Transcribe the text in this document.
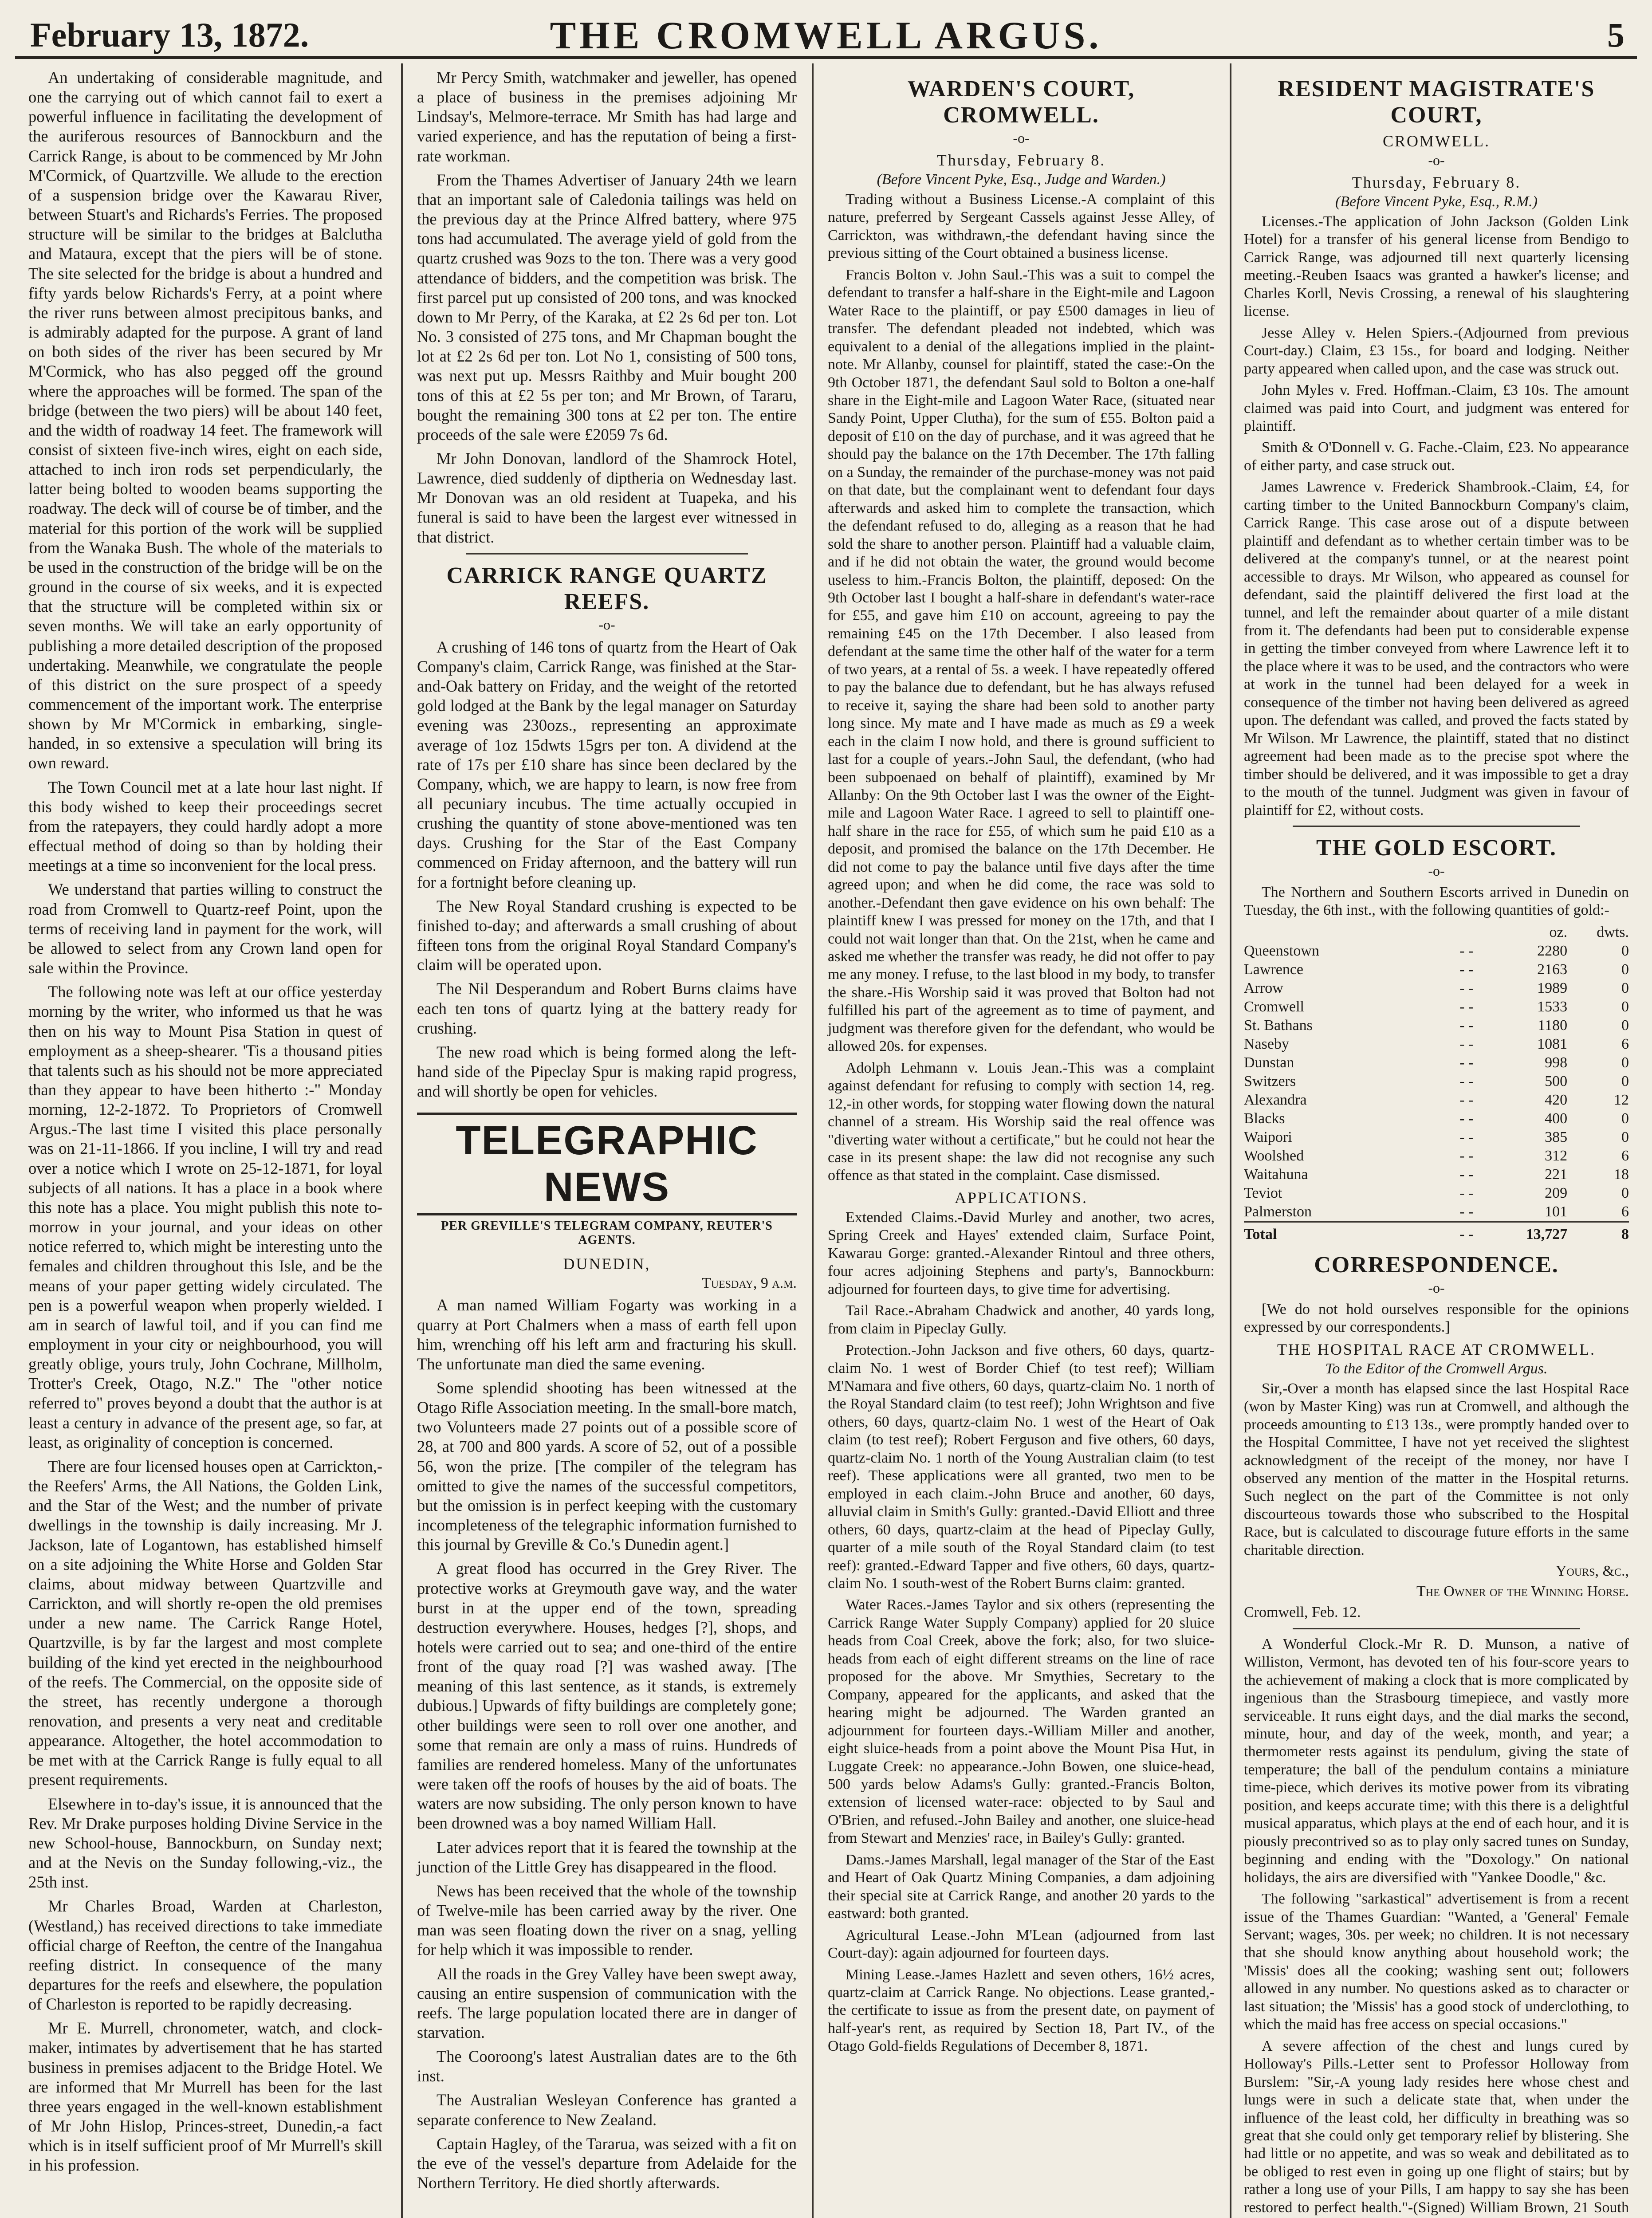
February 13, 1872.	THE CROMWELL ARGUS.	5

An undertaking of considerable magnitude, and one the carrying out of which cannot fail to exert a powerful influence in facilitating the development of the auriferous resources of Bannockburn and the Carrick Range, is about to be commenced by Mr John M'Cormick, of Quartzville. We allude to the erection of a suspension bridge over the Kawarau River, between Stuart's and Richards's Ferries. The proposed structure will be similar to the bridges at Balclutha and Mataura, except that the piers will be of stone. The site selected for the bridge is about a hundred and fifty yards below Richards's Ferry, at a point where the river runs between almost precipitous banks, and is admirably adapted for the purpose. A grant of land on both sides of the river has been secured by Mr M'Cormick, who has also pegged off the ground where the approaches will be formed. The span of the bridge (between the two piers) will be about 140 feet, and the width of roadway 14 feet. The framework will consist of sixteen five-inch wires, eight on each side, attached to inch iron rods set perpendicularly, the latter being bolted to wooden beams supporting the roadway. The deck will of course be of timber, and the material for this portion of the work will be supplied from the Wanaka Bush. The whole of the materials to be used in the construction of the bridge will be on the ground in the course of six weeks, and it is expected that the structure will be completed within six or seven months. We will take an early opportunity of publishing a more detailed description of the proposed undertaking. Meanwhile, we congratulate the people of this district on the sure prospect of a speedy commencement of the important work. The enterprise shown by Mr M'Cormick in embarking, single-handed, in so extensive a speculation will bring its own reward.

The Town Council met at a late hour last night. If this body wished to keep their proceedings secret from the ratepayers, they could hardly adopt a more effectual method of doing so than by holding their meetings at a time so inconvenient for the local press.

We understand that parties willing to construct the road from Cromwell to Quartz-reef Point, upon the terms of receiving land in payment for the work, will be allowed to select from any Crown land open for sale within the Province.

The following note was left at our office yesterday morning by the writer, who informed us that he was then on his way to Mount Pisa Station in quest of employment as a sheep-shearer. 'Tis a thousand pities that talents such as his should not be more appreciated than they appear to have been hitherto :-" Monday morning, 12-2-1872. To Proprietors of Cromwell Argus.-The last time I visited this place personally was on 21-11-1866. If you incline, I will try and read over a notice which I wrote on 25-12-1871, for loyal subjects of all nations. It has a place in a book where this note has a place. You might publish this note to-morrow in your journal, and your ideas on other notice referred to, which might be interesting unto the females and children throughout this Isle, and be the means of your paper getting widely circulated. The pen is a powerful weapon when properly wielded. I am in search of lawful toil, and if you can find me employment in your city or neighbourhood, you will greatly oblige, yours truly, John Cochrane, Millholm, Trotter's Creek, Otago, N.Z." The "other notice referred to" proves beyond a doubt that the author is at least a century in advance of the present age, so far, at least, as originality of conception is concerned.

There are four licensed houses open at Carrickton,-the Reefers' Arms, the All Nations, the Golden Link, and the Star of the West; and the number of private dwellings in the township is daily increasing. Mr J. Jackson, late of Logantown, has established himself on a site adjoining the White Horse and Golden Star claims, about midway between Quartzville and Carrickton, and will shortly re-open the old premises under a new name. The Carrick Range Hotel, Quartzville, is by far the largest and most complete building of the kind yet erected in the neighbourhood of the reefs. The Commercial, on the opposite side of the street, has recently undergone a thorough renovation, and presents a very neat and creditable appearance. Altogether, the hotel accommodation to be met with at the Carrick Range is fully equal to all present requirements.

Elsewhere in to-day's issue, it is announced that the Rev. Mr Drake purposes holding Divine Service in the new School-house, Bannockburn, on Sunday next; and at the Nevis on the Sunday following,-viz., the 25th inst.

Mr Charles Broad, Warden at Charleston, (Westland,) has received directions to take immediate official charge of Reefton, the centre of the Inangahua reefing district. In consequence of the many departures for the reefs and elsewhere, the population of Charleston is reported to be rapidly decreasing.

Mr E. Murrell, chronometer, watch, and clock-maker, intimates by advertisement that he has started business in premises adjacent to the Bridge Hotel. We are informed that Mr Murrell has been for the last three years engaged in the well-known establishment of Mr John Hislop, Princes-street, Dunedin,-a fact which is in itself sufficient proof of Mr Murrell's skill in his profession.

Mr Percy Smith, watchmaker and jeweller, has opened a place of business in the premises adjoining Mr Lindsay's, Melmore-terrace. Mr Smith has had large and varied experience, and has the reputation of being a first-rate workman.

From the Thames Advertiser of January 24th we learn that an important sale of Caledonia tailings was held on the previous day at the Prince Alfred battery, where 975 tons had accumulated. The average yield of gold from the quartz crushed was 9ozs to the ton. There was a very good attendance of bidders, and the competition was brisk. The first parcel put up consisted of 200 tons, and was knocked down to Mr Perry, of the Karaka, at £2 2s 6d per ton. Lot No. 3 consisted of 275 tons, and Mr Chapman bought the lot at £2 2s 6d per ton. Lot No 1, consisting of 500 tons, was next put up. Messrs Raithby and Muir bought 200 tons of this at £2 5s per ton; and Mr Brown, of Tararu, bought the remaining 300 tons at £2 per ton. The entire proceeds of the sale were £2059 7s 6d.

Mr John Donovan, landlord of the Shamrock Hotel, Lawrence, died suddenly of diptheria on Wednesday last. Mr Donovan was an old resident at Tuapeka, and his funeral is said to have been the largest ever witnessed in that district.

CARRICK RANGE QUARTZ REEFS.
-o-

A crushing of 146 tons of quartz from the Heart of Oak Company's claim, Carrick Range, was finished at the Star-and-Oak battery on Friday, and the weight of the retorted gold lodged at the Bank by the legal manager on Saturday evening was 230ozs., representing an approximate average of 1oz 15dwts 15grs per ton. A dividend at the rate of 17s per £10 share has since been declared by the Company, which, we are happy to learn, is now free from all pecuniary incubus. The time actually occupied in crushing the quantity of stone above-mentioned was ten days. Crushing for the Star of the East Company commenced on Friday afternoon, and the battery will run for a fortnight before cleaning up.

The New Royal Standard crushing is expected to be finished to-day; and afterwards a small crushing of about fifteen tons from the original Royal Standard Company's claim will be operated upon.

The Nil Desperandum and Robert Burns claims have each ten tons of quartz lying at the battery ready for crushing.

The new road which is being formed along the left-hand side of the Pipeclay Spur is making rapid progress, and will shortly be open for vehicles.

TELEGRAPHIC NEWS
PER GREVILLE'S TELEGRAM COMPANY, REUTER'S AGENTS.
DUNEDIN,
Tuesday, 9 a.m.

A man named William Fogarty was working in a quarry at Port Chalmers when a mass of earth fell upon him, wrenching off his left arm and fracturing his skull. The unfortunate man died the same evening.

Some splendid shooting has been witnessed at the Otago Rifle Association meeting. In the small-bore match, two Volunteers made 27 points out of a possible score of 28, at 700 and 800 yards. A score of 52, out of a possible 56, won the prize. [The compiler of the telegram has omitted to give the names of the successful competitors, but the omission is in perfect keeping with the customary incompleteness of the telegraphic information furnished to this journal by Greville & Co.'s Dunedin agent.]

A great flood has occurred in the Grey River. The protective works at Greymouth gave way, and the water burst in at the upper end of the town, spreading destruction everywhere. Houses, hedges [?], shops, and hotels were carried out to sea; and one-third of the entire front of the quay road [?] was washed away. [The meaning of this last sentence, as it stands, is extremely dubious.] Upwards of fifty buildings are completely gone; other buildings were seen to roll over one another, and some that remain are only a mass of ruins. Hundreds of families are rendered homeless. Many of the unfortunates were taken off the roofs of houses by the aid of boats. The waters are now subsiding. The only person known to have been drowned was a boy named William Hall.

Later advices report that it is feared the township at the junction of the Little Grey has disappeared in the flood.

News has been received that the whole of the township of Twelve-mile has been carried away by the river. One man was seen floating down the river on a snag, yelling for help which it was impossible to render.

All the roads in the Grey Valley have been swept away, causing an entire suspension of communication with the reefs. The large population located there are in danger of starvation.

The Cooroong's latest Australian dates are to the 6th inst.

The Australian Wesleyan Conference has granted a separate conference to New Zealand.

Captain Hagley, of the Tararua, was seized with a fit on the eve of the vessel's departure from Adelaide for the Northern Territory. He died shortly afterwards.

WARDEN'S COURT, CROMWELL.
-o-
Thursday, February 8.
(Before Vincent Pyke, Esq., Judge and Warden.)

Trading without a Business License.-A complaint of this nature, preferred by Sergeant Cassels against Jesse Alley, of Carrickton, was withdrawn,-the defendant having since the previous sitting of the Court obtained a business license.

Francis Bolton v. John Saul.-This was a suit to compel the defendant to transfer a half-share in the Eight-mile and Lagoon Water Race to the plaintiff, or pay £500 damages in lieu of transfer. The defendant pleaded not indebted, which was equivalent to a denial of the allegations implied in the plaint-note. Mr Allanby, counsel for plaintiff, stated the case:-On the 9th October 1871, the defendant Saul sold to Bolton a one-half share in the Eight-mile and Lagoon Water Race, (situated near Sandy Point, Upper Clutha), for the sum of £55. Bolton paid a deposit of £10 on the day of purchase, and it was agreed that he should pay the balance on the 17th December. The 17th falling on a Sunday, the remainder of the purchase-money was not paid on that date, but the complainant went to defendant four days afterwards and asked him to complete the transaction, which the defendant refused to do, alleging as a reason that he had sold the share to another person. Plaintiff had a valuable claim, and if he did not obtain the water, the ground would become useless to him.-Francis Bolton, the plaintiff, deposed: On the 9th October last I bought a half-share in defendant's water-race for £55, and gave him £10 on account, agreeing to pay the remaining £45 on the 17th December. I also leased from defendant at the same time the other half of the water for a term of two years, at a rental of 5s. a week. I have repeatedly offered to pay the balance due to defendant, but he has always refused to receive it, saying the share had been sold to another party long since. My mate and I have made as much as £9 a week each in the claim I now hold, and there is ground sufficient to last for a couple of years.-John Saul, the defendant, (who had been subpoenaed on behalf of plaintiff), examined by Mr Allanby: On the 9th October last I was the owner of the Eight-mile and Lagoon Water Race. I agreed to sell to plaintiff one-half share in the race for £55, of which sum he paid £10 as a deposit, and promised the balance on the 17th December. He did not come to pay the balance until five days after the time agreed upon; and when he did come, the race was sold to another.-Defendant then gave evidence on his own behalf: The plaintiff knew I was pressed for money on the 17th, and that I could not wait longer than that. On the 21st, when he came and asked me whether the transfer was ready, he did not offer to pay me any money. I refuse, to the last blood in my body, to transfer the share.-His Worship said it was proved that Bolton had not fulfilled his part of the agreement as to time of payment, and judgment was therefore given for the defendant, who would be allowed 20s. for expenses.

Adolph Lehmann v. Louis Jean.-This was a complaint against defendant for refusing to comply with section 14, reg. 12,-in other words, for stopping water flowing down the natural channel of a stream. His Worship said the real offence was "diverting water without a certificate," but he could not hear the case in its present shape: the law did not recognise any such offence as that stated in the complaint. Case dismissed.

APPLICATIONS.

Extended Claims.-David Murley and another, two acres, Spring Creek and Hayes' extended claim, Surface Point, Kawarau Gorge: granted.-Alexander Rintoul and three others, four acres adjoining Stephens and party's, Bannockburn: adjourned for fourteen days, to give time for advertising.

Tail Race.-Abraham Chadwick and another, 40 yards long, from claim in Pipeclay Gully.

Protection.-John Jackson and five others, 60 days, quartz-claim No. 1 west of Border Chief (to test reef); William M'Namara and five others, 60 days, quartz-claim No. 1 north of the Royal Standard claim (to test reef); John Wrightson and five others, 60 days, quartz-claim No. 1 west of the Heart of Oak claim (to test reef); Robert Ferguson and five others, 60 days, quartz-claim No. 1 north of the Young Australian claim (to test reef). These applications were all granted, two men to be employed in each claim.-John Bruce and another, 60 days, alluvial claim in Smith's Gully: granted.-David Elliott and three others, 60 days, quartz-claim at the head of Pipeclay Gully, quarter of a mile south of the Royal Standard claim (to test reef): granted.-Edward Tapper and five others, 60 days, quartz-claim No. 1 south-west of the Robert Burns claim: granted.

Water Races.-James Taylor and six others (representing the Carrick Range Water Supply Company) applied for 20 sluice heads from Coal Creek, above the fork; also, for two sluice-heads from each of eight different streams on the line of race proposed for the above. Mr Smythies, Secretary to the Company, appeared for the applicants, and asked that the hearing might be adjourned. The Warden granted an adjournment for fourteen days.-William Miller and another, eight sluice-heads from a point above the Mount Pisa Hut, in Luggate Creek: no appearance.-John Bowen, one sluice-head, 500 yards below Adams's Gully: granted.-Francis Bolton, extension of licensed water-race: objected to by Saul and O'Brien, and refused.-John Bailey and another, one sluice-head from Stewart and Menzies' race, in Bailey's Gully: granted.

Dams.-James Marshall, legal manager of the Star of the East and Heart of Oak Quartz Mining Companies, a dam adjoining their special site at Carrick Range, and another 20 yards to the eastward: both granted.

Agricultural Lease.-John M'Lean (adjourned from last Court-day): again adjourned for fourteen days.

Mining Lease.-James Hazlett and seven others, 16½ acres, quartz-claim at Carrick Range. No objections. Lease granted,-the certificate to issue as from the present date, on payment of half-year's rent, as required by Section 18, Part IV., of the Otago Gold-fields Regulations of December 8, 1871.

RESIDENT MAGISTRATE'S COURT,
CROMWELL.
-o-
Thursday, February 8.
(Before Vincent Pyke, Esq., R.M.)

Licenses.-The application of John Jackson (Golden Link Hotel) for a transfer of his general license from Bendigo to Carrick Range, was adjourned till next quarterly licensing meeting.-Reuben Isaacs was granted a hawker's license; and Charles Korll, Nevis Crossing, a renewal of his slaughtering license.

Jesse Alley v. Helen Spiers.-(Adjourned from previous Court-day.) Claim, £3 15s., for board and lodging. Neither party appeared when called upon, and the case was struck out.

John Myles v. Fred. Hoffman.-Claim, £3 10s. The amount claimed was paid into Court, and judgment was entered for plaintiff.

Smith & O'Donnell v. G. Fache.-Claim, £23. No appearance of either party, and case struck out.

James Lawrence v. Frederick Shambrook.-Claim, £4, for carting timber to the United Bannockburn Company's claim, Carrick Range. This case arose out of a dispute between plaintiff and defendant as to whether certain timber was to be delivered at the company's tunnel, or at the nearest point accessible to drays. Mr Wilson, who appeared as counsel for defendant, said the plaintiff delivered the first load at the tunnel, and left the remainder about quarter of a mile distant from it. The defendants had been put to considerable expense in getting the timber conveyed from where Lawrence left it to the place where it was to be used, and the contractors who were at work in the tunnel had been delayed for a week in consequence of the timber not having been delivered as agreed upon. The defendant was called, and proved the facts stated by Mr Wilson. Mr Lawrence, the plaintiff, stated that no distinct agreement had been made as to the precise spot where the timber should be delivered, and it was impossible to get a dray to the mouth of the tunnel. Judgment was given in favour of plaintiff for £2, without costs.

THE GOLD ESCORT.
-o-

The Northern and Southern Escorts arrived in Dunedin on Tuesday, the 6th inst., with the following quantities of gold:-

		oz.	dwts.
Queenstown	- -	2280	0
Lawrence	- -	2163	0
Arrow	- -	1989	0
Cromwell	- -	1533	0
St. Bathans	- -	1180	0
Naseby	- -	1081	6
Dunstan	- -	998	0
Switzers	- -	500	0
Alexandra	- -	420	12
Blacks	- -	400	0
Waipori	- -	385	0
Woolshed	- -	312	6
Waitahuna	- -	221	18
Teviot	- -	209	0
Palmerston	- -	101	6
Total	- -	13,727	8
CORRESPONDENCE.
-o-

[We do not hold ourselves responsible for the opinions expressed by our correspondents.]

THE HOSPITAL RACE AT CROMWELL.
To the Editor of the Cromwell Argus.

Sir,-Over a month has elapsed since the last Hospital Race (won by Master King) was run at Cromwell, and although the proceeds amounting to £13 13s., were promptly handed over to the Hospital Committee, I have not yet received the slightest acknowledgment of the receipt of the money, nor have I observed any mention of the matter in the Hospital returns. Such neglect on the part of the Committee is not only discourteous towards those who subscribed to the Hospital Race, but is calculated to discourage future efforts in the same charitable direction.

Yours, &c.,
The Owner of the Winning Horse.
Cromwell, Feb. 12.

A Wonderful Clock.-Mr R. D. Munson, a native of Williston, Vermont, has devoted ten of his four-score years to the achievement of making a clock that is more complicated by ingenious than the Strasbourg timepiece, and vastly more serviceable. It runs eight days, and the dial marks the second, minute, hour, and day of the week, month, and year; a thermometer rests against its pendulum, giving the state of temperature; the ball of the pendulum contains a miniature time-piece, which derives its motive power from its vibrating position, and keeps accurate time; with this there is a delightful musical apparatus, which plays at the end of each hour, and it is piously precontrived so as to play only sacred tunes on Sunday, beginning and ending with the "Doxology." On national holidays, the airs are diversified with "Yankee Doodle," &c.

The following "sarkastical" advertisement is from a recent issue of the Thames Guardian: "Wanted, a 'General' Female Servant; wages, 30s. per week; no children. It is not necessary that she should know anything about household work; the 'Missis' does all the cooking; washing sent out; followers allowed in any number. No questions asked as to character or last situation; the 'Missis' has a good stock of underclothing, to which the maid has free access on special occasions."

A severe affection of the chest and lungs cured by Holloway's Pills.-Letter sent to Professor Holloway from Burslem: "Sir,-A young lady resides here whose chest and lungs were in such a delicate state that, when under the influence of the least cold, her difficulty in breathing was so great that she could only get temporary relief by blistering. She had little or no appetite, and was so weak and debilitated as to be obliged to rest even in going up one flight of stairs; but by rather a long use of your Pills, I am happy to say she has been restored to perfect health."-(Signed) William Brown, 21 South
